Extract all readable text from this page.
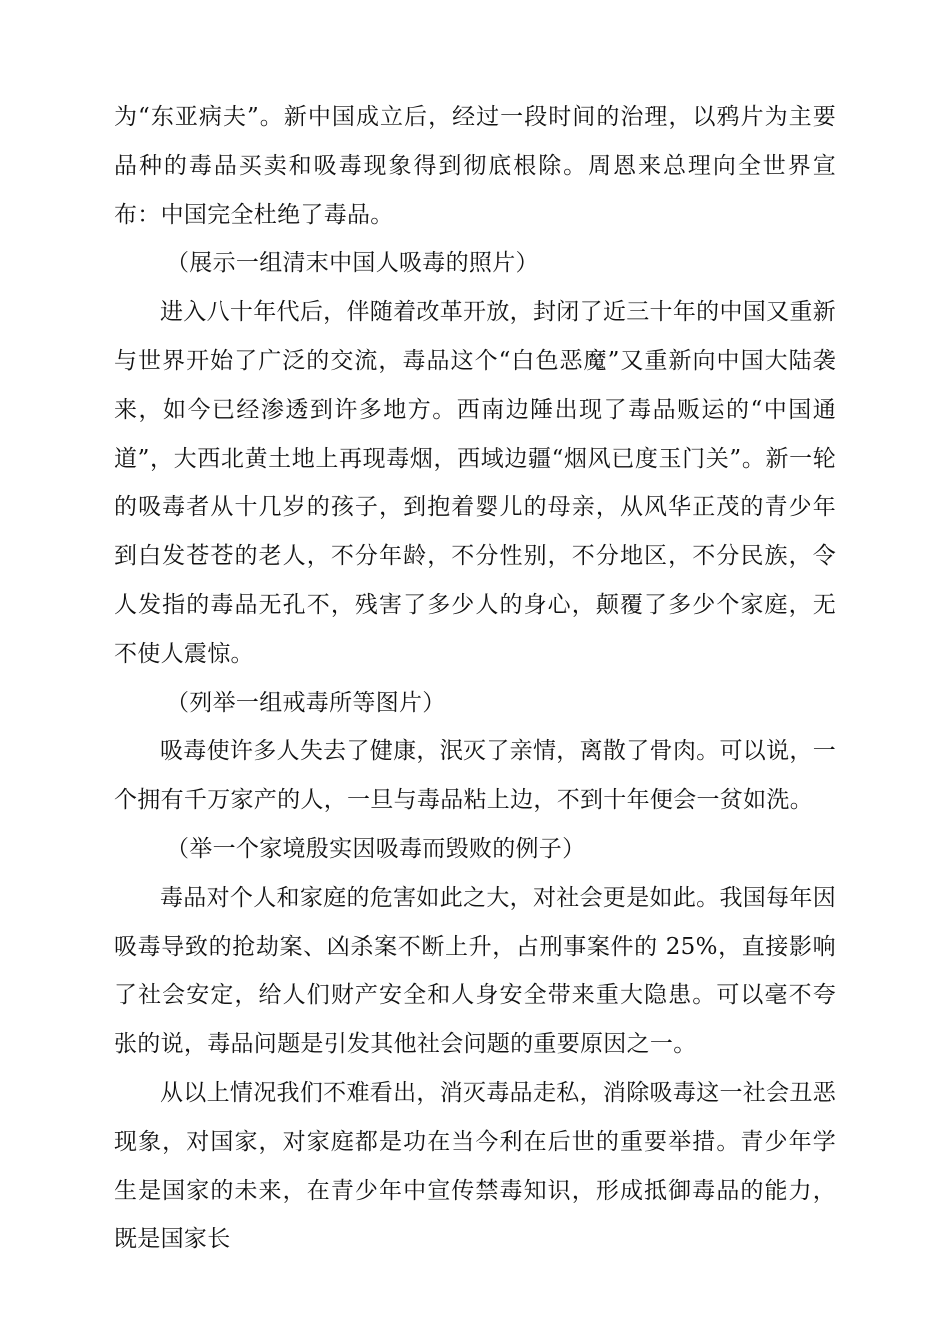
为“东亚病夫”。新中国成立后，经过一段时间的治理，以鸦片为主要品种的毒品买卖和吸毒现象得到彻底根除。周恩来总理向全世界宣布：中国完全杜绝了毒品。

（展示一组清末中国人吸毒的照片）

进入八十年代后，伴随着改革开放，封闭了近三十年的中国又重新与世界开始了广泛的交流，毒品这个“白色恶魔”又重新向中国大陆袭来，如今已经渗透到许多地方。西南边陲出现了毒品贩运的“中国通道”，大西北黄土地上再现毒烟，西域边疆“烟风已度玉门关”。新一轮的吸毒者从十几岁的孩子，到抱着婴儿的母亲，从风华正茂的青少年到白发苍苍的老人，不分年龄，不分性别，不分地区，不分民族，令人发指的毒品无孔不，残害了多少人的身心，颠覆了多少个家庭，无不使人震惊。

（列举一组戒毒所等图片）

吸毒使许多人失去了健康，泯灭了亲情，离散了骨肉。可以说，一个拥有千万家产的人，一旦与毒品粘上边，不到十年便会一贫如洗。

（举一个家境殷实因吸毒而毁败的例子）

毒品对个人和家庭的危害如此之大，对社会更是如此。我国每年因吸毒导致的抢劫案、凶杀案不断上升，占刑事案件的 25%，直接影响了社会安定，给人们财产安全和人身安全带来重大隐患。可以毫不夸张的说，毒品问题是引发其他社会问题的重要原因之一。

从以上情况我们不难看出，消灭毒品走私，消除吸毒这一社会丑恶现象，对国家，对家庭都是功在当今利在后世的重要举措。青少年学生是国家的未来，在青少年中宣传禁毒知识，形成抵御毒品的能力，既是国家长
